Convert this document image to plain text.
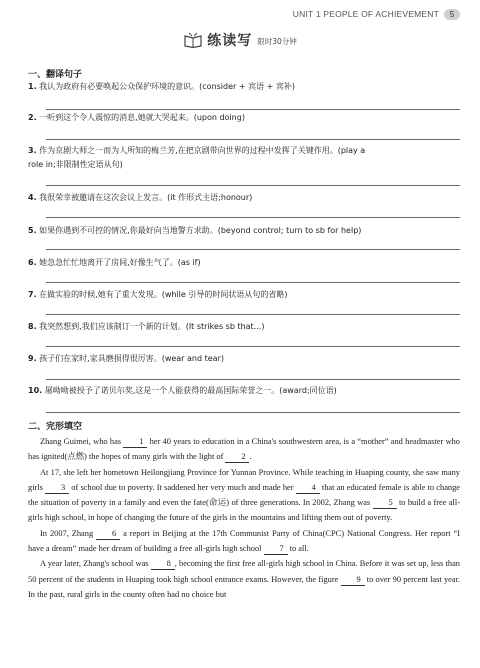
UNIT 1 PEOPLE OF ACHIEVEMENT	5
练读写 限时30分钟
一、翻译句子
1. 我认为政府有必要唤起公众保护环境的意识。(consider + 宾语 + 宾补)
2. 一听到这个令人震惊的消息,她就大哭起来。(upon doing)
3. 作为京剧大师之一而为人所知的梅兰芳,在把京剧带向世界的过程中发挥了关键作用。(play a
role in;非限制性定语从句)
4. 我很荣幸被邀请在这次会议上发言。(it 作形式主语;honour)
5. 如果你遇到不可控的情况,你最好向当地警方求助。(beyond control; turn to sb for help)
6. 她急急忙忙地离开了房间,好像生气了。(as if)
7. 在做实验的时候,她有了重大发现。(while 引导的时间状语从句的省略)
8. 我突然想到,我们应该制订一个新的计划。(It strikes sb that...)
9. 孩子们在家时,家具磨损得很厉害。(wear and tear)
10. 屠呦呦被授予了诺贝尔奖,这是一个人能获得的最高国际荣誉之一。(award;同位语)
二、完形填空

Zhang Guimei, who has 1 her 40 years to education in a China's southwestern area, is a “mother” and headmaster who has ignited(点燃) the hopes of many girls with the light of 2 .

At 17, she left her hometown Heilongjiang Province for Yunnan Province. While teaching in Huaping county, she saw many girls 3 of school due to poverty. It saddened her very much and made her 4 that an educated female is able to change the situation of poverty in a family and even the fate(命运) of three generations. In 2002, Zhang was 5 to build a free all-girls high school, in hope of changing the future of the girls in the mountains and lifting them out of poverty.

In 2007, Zhang 6 a report in Beijing at the 17th Communist Party of China(CPC) National Congress. Her report “I have a dream” made her dream of building a free all-girls high school 7 to all.

A year later, Zhang's school was 8 , becoming the first free all-girls high school in China. Before it was set up, less than 50 percent of the students in Huaping took high school entrance exams. However, the figure 9 to over 90 percent last year. In the past, rural girls in the county often had no choice but
